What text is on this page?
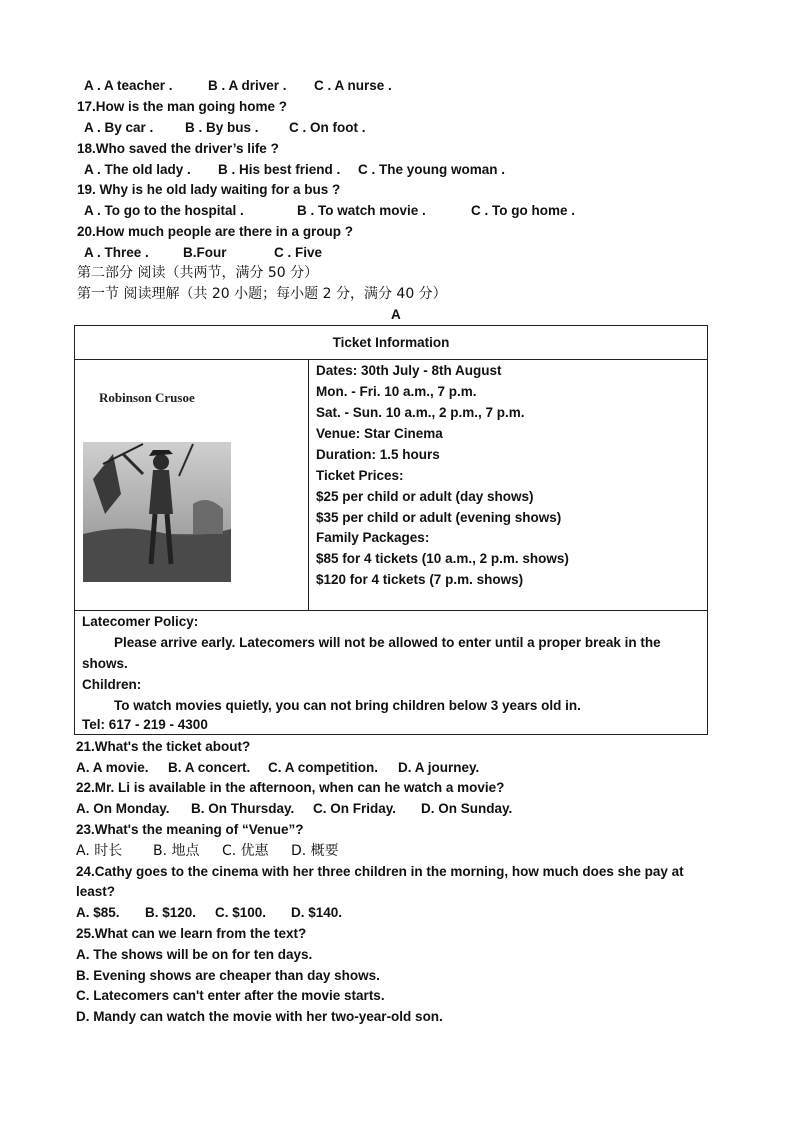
A . A teacher .	B . A driver . C . A nurse .
17.How is the man going home ?
A . By car . B . By bus . C . On foot .
18.Who saved the driver’s life ?
A . The old lady . B . His best friend . C . The young woman .
19. Why is he old lady waiting for a bus ?
A . To go to the hospital .	B . To watch movie .	C . To go home .
20.How much people are there in a group ?
A . Three .	B.Four	C . Five
第二部分 阅读（共两节，满分 50 分）
第一节 阅读理解（共 20 小题；每小题 2 分，满分 40 分）
A
Ticket Information
Robinson Crusoe
Dates: 30th July - 8th August
Mon. - Fri. 10 a.m., 7 p.m.
Sat. - Sun. 10 a.m., 2 p.m., 7 p.m.
Venue: Star Cinema
Duration: 1.5 hours
Ticket Prices:
$25 per child or adult (day shows)
$35 per child or adult (evening shows)
Family Packages:
$85 for 4 tickets (10 a.m., 2 p.m. shows)
$120 for 4 tickets (7 p.m. shows)
Latecomer Policy:
Please arrive early. Latecomers will not be allowed to enter until a proper break in the
shows.
Children:
To watch movies quietly, you can not bring children below 3 years old in.
Tel: 617 - 219 - 4300
21.What's the ticket about?
A. A movie. B. A concert. C. A competition. D. A journey.
22.Mr. Li is available in the afternoon, when can he watch a movie?
A. On Monday. B. On Thursday. C. On Friday. D. On Sunday.
23.What's the meaning of “Venue”?
A. 时长 B. 地点 C. 优惠 D. 概要
24.Cathy goes to the cinema with her three children in the morning, how much does she pay at
least?
A. $85. B. $120. C. $100. D. $140.
25.What can we learn from the text?
A. The shows will be on for ten days.
B. Evening shows are cheaper than day shows.
C. Latecomers can't enter after the movie starts.
D. Mandy can watch the movie with her two-year-old son.
